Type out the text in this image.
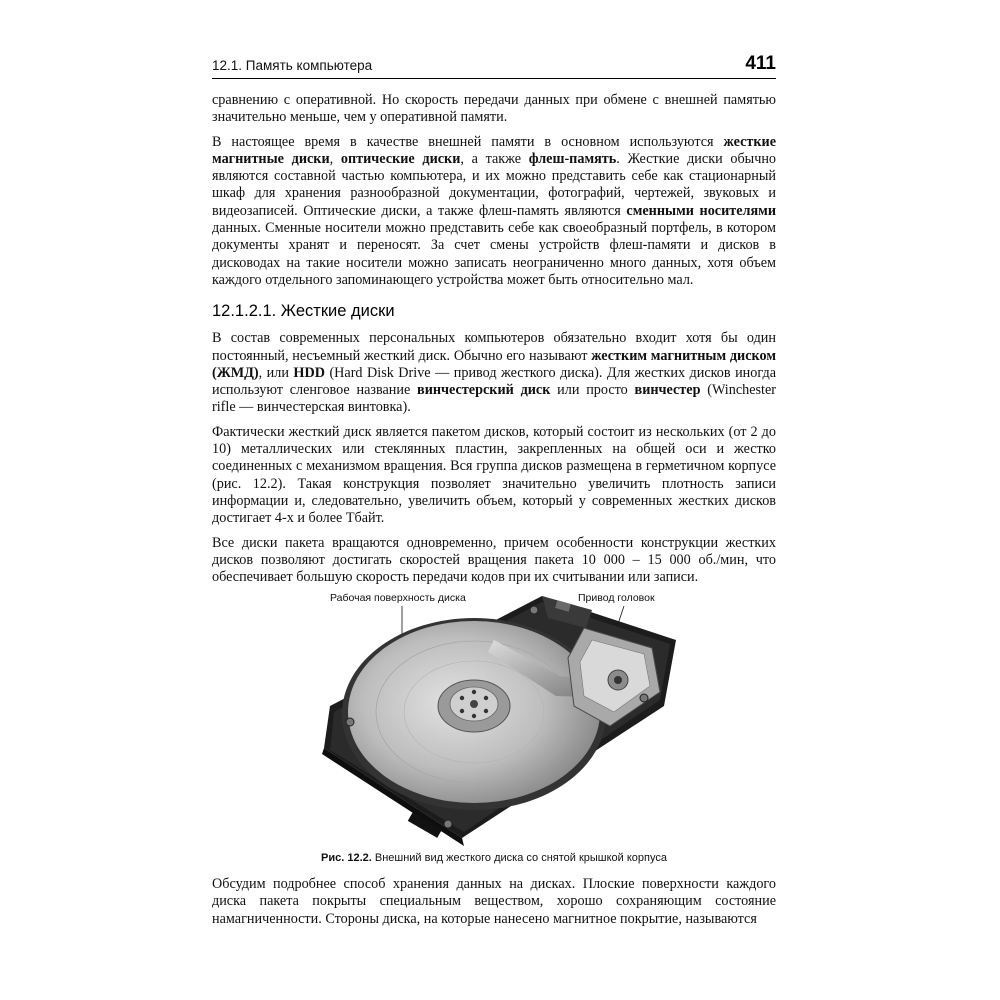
12.1. Память компьютера	411

сравнению с оперативной. Но скорость передачи данных при обмене с внешней памятью значительно меньше, чем у оперативной памяти.

В настоящее время в качестве внешней памяти в основном используются жесткие магнитные диски, оптические диски, а также флеш-память. Жесткие диски обычно являются составной частью компьютера, и их можно представить себе как стационарный шкаф для хранения разнообразной документации, фотографий, чертежей, звуковых и видеозаписей. Оптические диски, а также флеш-память являются сменными носителями данных. Сменные носители можно представить себе как своеобразный портфель, в котором документы хранят и переносят. За счет смены устройств флеш-памяти и дисков в дисководах на такие носители можно записать неограниченно много данных, хотя объем каждого отдельного запоминающего устройства может быть относительно мал.

12.1.2.1. Жесткие диски

В состав современных персональных компьютеров обязательно входит хотя бы один постоянный, несъемный жесткий диск. Обычно его называют жестким магнитным диском (ЖМД), или HDD (Hard Disk Drive — привод жесткого диска). Для жестких дисков иногда используют сленговое название винчестерский диск или просто винчестер (Winchester rifle — винчестерская винтовка).

Фактически жесткий диск является пакетом дисков, который состоит из нескольких (от 2 до 10) металлических или стеклянных пластин, закрепленных на общей оси и жестко соединенных с механизмом вращения. Вся группа дисков размещена в герметичном корпусе (рис. 12.2). Такая конструкция позволяет значительно увеличить плотность записи информации и, следовательно, увеличить объем, который у современных жестких дисков достигает 4-х и более Тбайт.

Все диски пакета вращаются одновременно, причем особенности конструкции жестких дисков позволяют достигать скоростей вращения пакета 10 000 – 15 000 об./мин, что обеспечивает большую скорость передачи кодов при их считывании или записи.

Рабочая поверхность диска	Привод головок
Рис. 12.2. Внешний вид жесткого диска со снятой крышкой корпуса

Обсудим подробнее способ хранения данных на дисках. Плоские поверхности каждого диска пакета покрыты специальным веществом, хорошо сохраняющим состояние намагниченности. Стороны диска, на которые нанесено магнитное покрытие, называются
